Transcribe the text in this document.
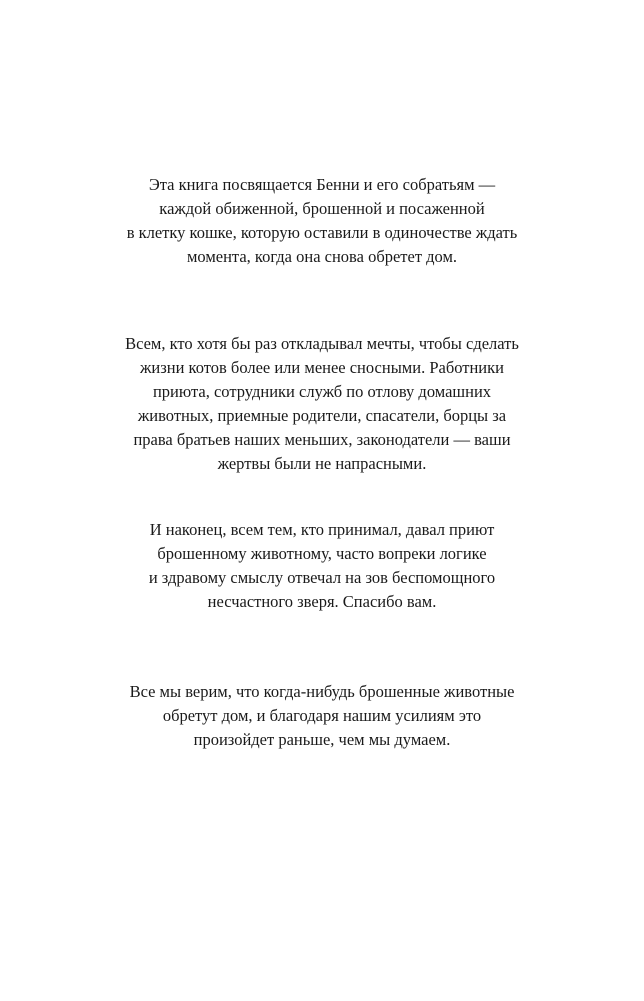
Эта книга посвящается Бенни и его собратьям —
каждой обиженной, брошенной и посаженной
в клетку кошке, которую оставили в одиночестве ждать
момента, когда она снова обретет дом.
Всем, кто хотя бы раз откладывал мечты, чтобы сделать
жизни котов более или менее сносными. Работники
приюта, сотрудники служб по отлову домашних
животных, приемные родители, спасатели, борцы за
права братьев наших меньших, законодатели — ваши
жертвы были не напрасными.
И наконец, всем тем, кто принимал, давал приют
брошенному животному, часто вопреки логике
и здравому смыслу отвечал на зов беспомощного
несчастного зверя. Спасибо вам.
Все мы верим, что когда-нибудь брошенные животные
обретут дом, и благодаря нашим усилиям это
произойдет раньше, чем мы думаем.
